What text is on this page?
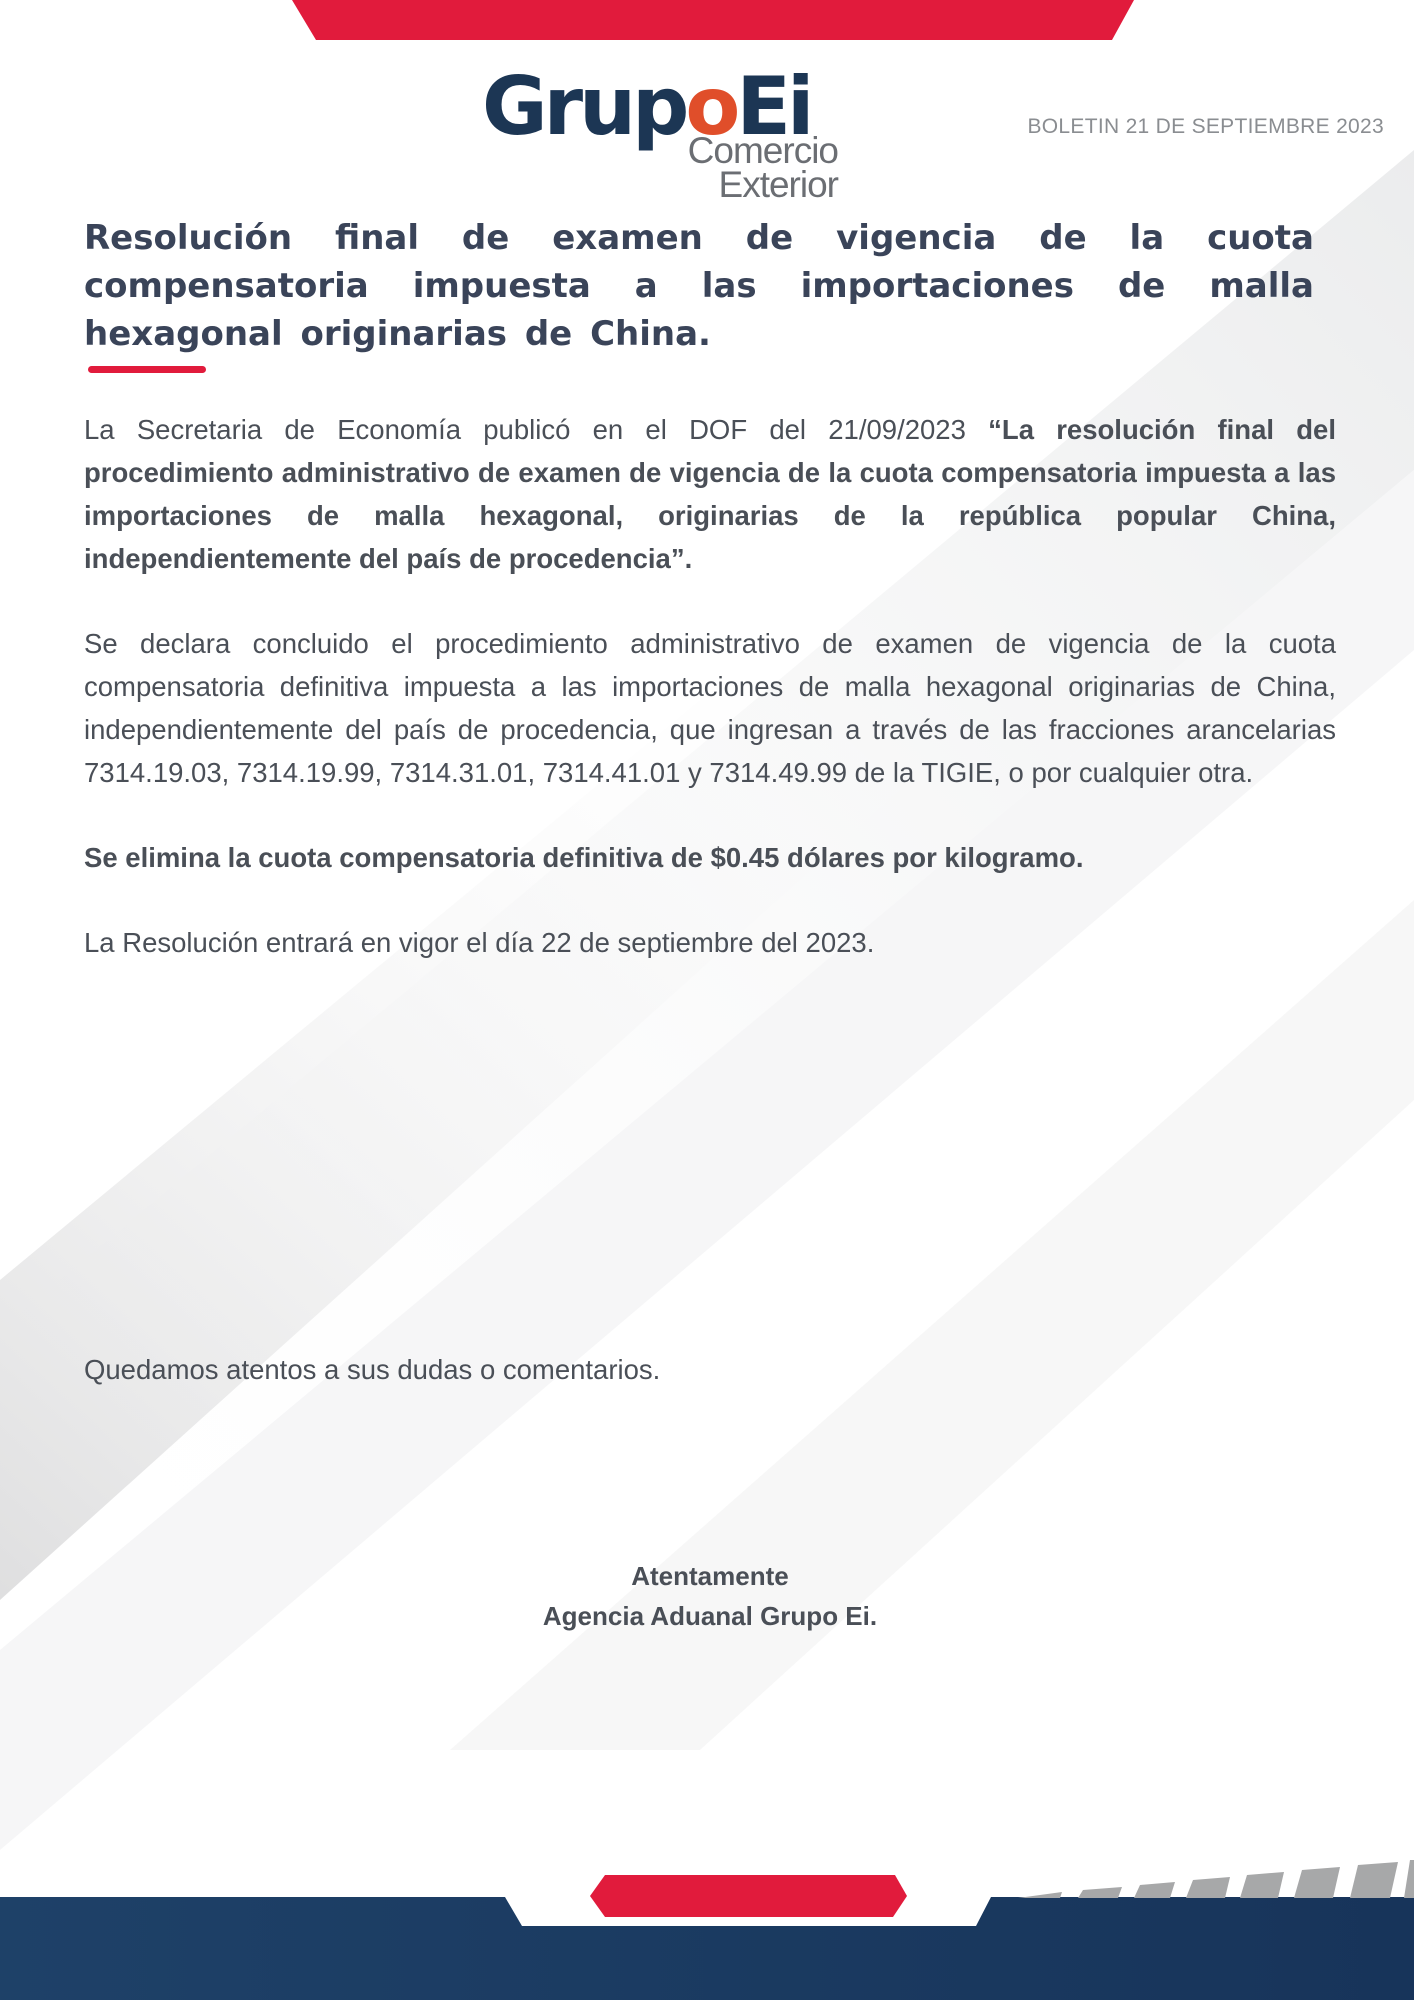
GrupoEi
Comercio
Exterior
BOLETIN 21 DE SEPTIEMBRE 2023
Resolución final de examen de vigencia de la cuota compensatoria impuesta a las importaciones de malla hexagonal originarias de China.

La Secretaria de Economía publicó en el DOF del 21/09/2023 “La resolución final del procedimiento administrativo de examen de vigencia de la cuota compensatoria impuesta a las importaciones de malla hexagonal, originarias de la república popular China, independientemente del país de procedencia”.

Se declara concluido el procedimiento administrativo de examen de vigencia de la cuota compensatoria definitiva impuesta a las importaciones de malla hexagonal originarias de China, independientemente del país de procedencia, que ingresan a través de las fracciones arancelarias 7314.19.03, 7314.19.99, 7314.31.01, 7314.41.01 y 7314.49.99 de la TIGIE, o por cualquier otra.

Se elimina la cuota compensatoria definitiva de $0.45 dólares por kilogramo.

La Resolución entrará en vigor el día 22 de septiembre del 2023.

Quedamos atentos a sus dudas o comentarios.
Atentamente
Agencia Aduanal Grupo Ei.
